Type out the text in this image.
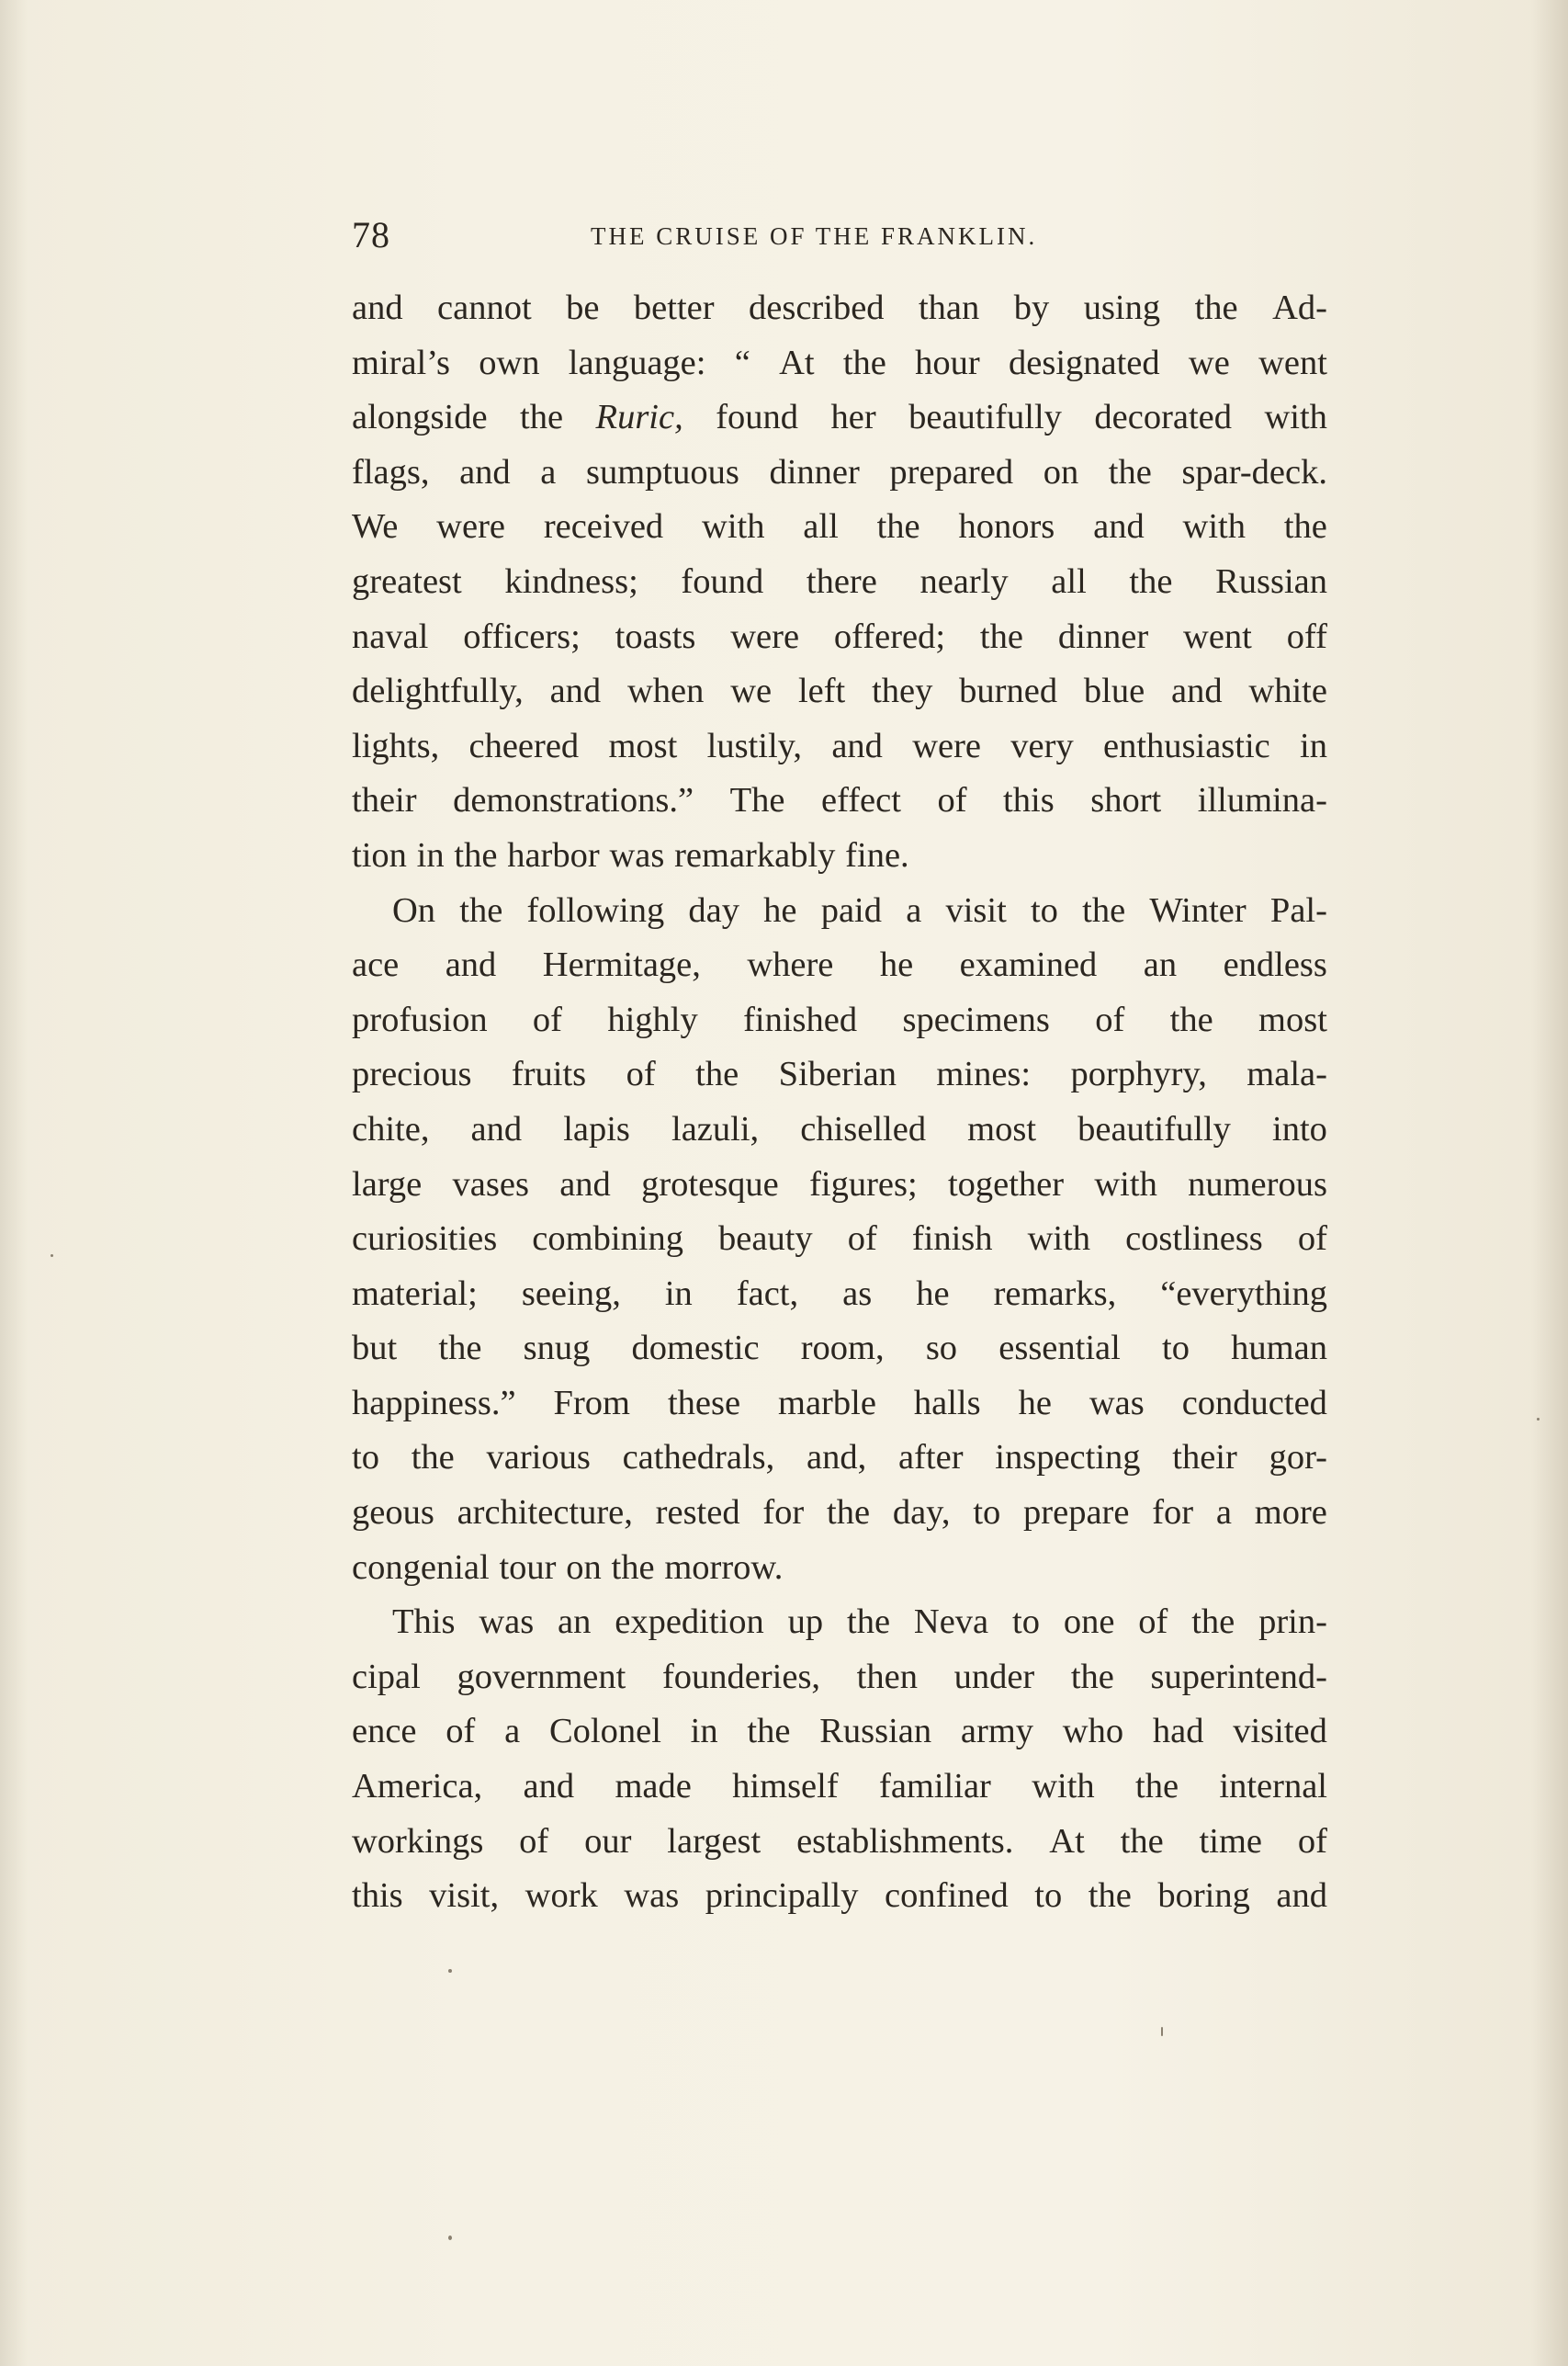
78	THE CRUISE OF THE FRANKLIN.
and cannot be better described than by using the Ad-
miral’s own language: “ At the hour designated we went
alongside the Ruric, found her beautifully decorated with
flags, and a sumptuous dinner prepared on the spar-deck.
We were received with all the honors and with the
greatest kindness; found there nearly all the Russian
naval officers; toasts were offered; the dinner went off
delightfully, and when we left they burned blue and white
lights, cheered most lustily, and were very enthusiastic in
their demonstrations.” The effect of this short illumina-
tion in the harbor was remarkably fine.
On the following day he paid a visit to the Winter Pal-
ace and Hermitage, where he examined an endless
profusion of highly finished specimens of the most
precious fruits of the Siberian mines: porphyry, mala-
chite, and lapis lazuli, chiselled most beautifully into
large vases and grotesque figures; together with numerous
curiosities combining beauty of finish with costliness of
material; seeing, in fact, as he remarks, “everything
but the snug domestic room, so essential to human
happiness.” From these marble halls he was conducted
to the various cathedrals, and, after inspecting their gor-
geous architecture, rested for the day, to prepare for a more
congenial tour on the morrow.
This was an expedition up the Neva to one of the prin-
cipal government founderies, then under the superintend-
ence of a Colonel in the Russian army who had visited
America, and made himself familiar with the internal
workings of our largest establishments. At the time of
this visit, work was principally confined to the boring and
